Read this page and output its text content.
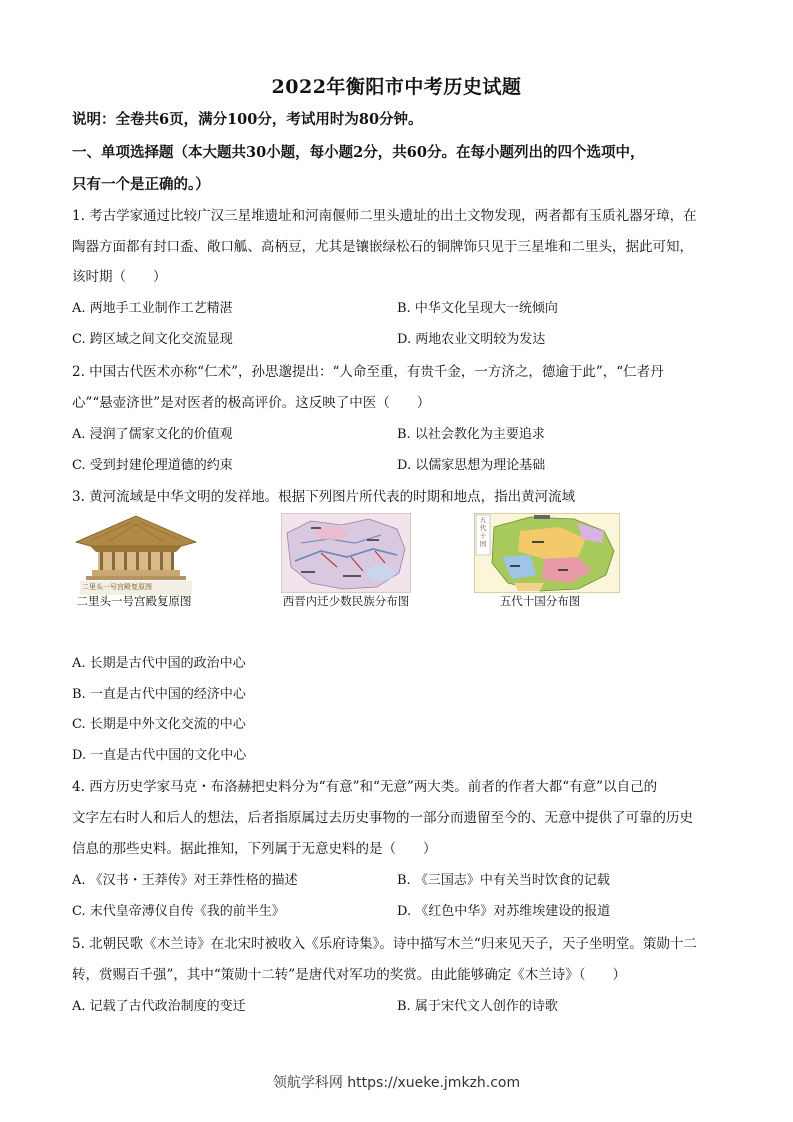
2022年衡阳市中考历史试题
说明：全卷共6页，满分100分，考试用时为80分钟。
一、单项选择题（本大题共30小题，每小题2分，共60分。在每小题列出的四个选项中，
只有一个是正确的。）
1. 考古学家通过比较广汉三星堆遗址和河南偃师二里头遗址的出土文物发现，两者都有玉质礼器牙璋，在
陶器方面都有封口盉、敞口觚、高柄豆，尤其是镶嵌绿松石的铜牌饰只见于三星堆和二里头，据此可知，
该时期（　　）
A. 两地手工业制作工艺精湛	B. 中华文化呈现大一统倾向
C. 跨区域之间文化交流显现	D. 两地农业文明较为发达
2. 中国古代医术亦称“仁术”，孙思邈提出：“人命至重，有贵千金，一方济之，德逾于此”，“仁者丹
心”“悬壶济世”是对医者的极高评价。这反映了中医（　　）
A. 浸润了儒家文化的价值观	B. 以社会教化为主要追求
C. 受到封建伦理道德的约束	D. 以儒家思想为理论基础
3. 黄河流域是中华文明的发祥地。根据下列图片所代表的时期和地点，指出黄河流域
二里头一号宫殿复原图
二里头一号宫殿复原图	西晋内迁少数民族分布图
五代十国
五代十国分布图
A. 长期是古代中国的政治中心
B. 一直是古代中国的经济中心
C. 长期是中外文化交流的中心
D. 一直是古代中国的文化中心
4. 西方历史学家马克・布洛赫把史料分为“有意”和“无意”两大类。前者的作者大都“有意”以自己的
文字左右时人和后人的想法，后者指原属过去历史事物的一部分而遗留至今的、无意中提供了可靠的历史
信息的那些史料。据此推知，下列属于无意史料的是（　　）
A. 《汉书・王莽传》对王莽性格的描述	B. 《三国志》中有关当时饮食的记载
C. 末代皇帝溥仪自传《我的前半生》	D. 《红色中华》对苏维埃建设的报道
5. 北朝民歌《木兰诗》在北宋时被收入《乐府诗集》。诗中描写木兰“归来见天子，天子坐明堂。策勋十二
转，赏赐百千强”，其中“策勋十二转”是唐代对军功的奖赏。由此能够确定《木兰诗》（　　）
A. 记载了古代政治制度的变迁	B. 属于宋代文人创作的诗歌
领航学科网 https://xueke.jmkzh.com
